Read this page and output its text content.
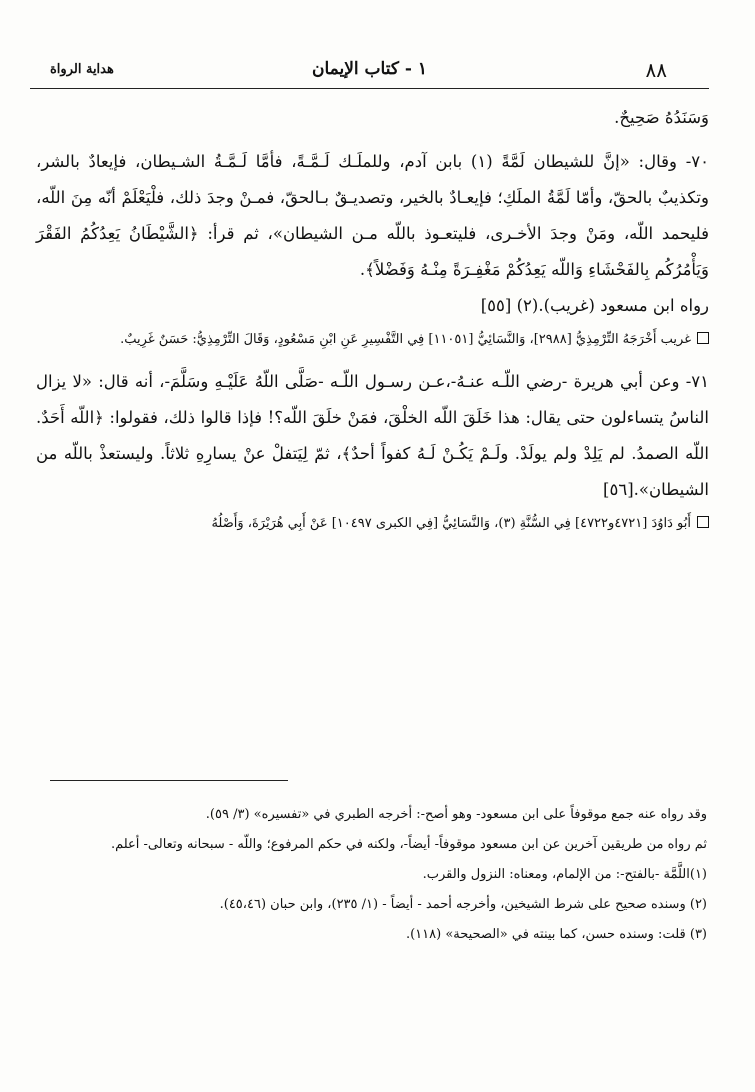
٨٨
١ - كتاب الإيمان
هداية الرواة

وَسَنَدُهُ صَحِيحٌ.

٧٠- وقال: «إنَّ للشيطان لَمَّةً (١) بابن آدم، وللملَـك لَـمَّـةً، فأمَّا لَـمَّـةُ الشـيطان، فإيعادٌ بالشر، وتكذيبٌ بالحقّ، وأمّا لَمَّةُ الملَكِ؛ فإيعـادٌ بالخير، وتصديـقٌ بـالحقّ، فمـنْ وجدَ ذلك، فلْيَعْلَمْ أنّه مِنَ اللّه، فليحمد اللّه، ومَنْ وجدَ الأخـرى، فليتعـوذ باللّه مـن الشيطان»، ثم قرأ: ﴿الشَّيْطَانُ يَعِدُكُمُ الفَقْرَ وَيَأْمُرُكُم بِالفَحْشَاءِ وَاللّه يَعِدُكُمْ مَغْفِـرَةً مِنْـهُ وَفَضْلاً﴾.

رواه ابن مسعود (غريب).(٢) [٥٥]

غريب أَخْرَجَهُ التِّرْمِذِيُّ [٢٩٨٨]، وَالنَّسَائِيُّ [١١٠٥١] فِي التَّفْسِيرِ عَنِ ابْنِ مَسْعُودٍ، وَقَالَ التِّرْمِذِيُّ: حَسَنٌ غَرِيبٌ.

٧١- وعن أبي هريرة -رضي اللّـه عنـهُ-،عـن رسـول اللّـه -صَلَّى اللّهُ عَلَيْـهِ وسَلَّمَ-، أنه قال: «لا يزال الناسُ يتساءلون حتى يقال: هذا خَلَقَ اللّه الخلْقَ، فمَنْ خلَقَ اللّه؟! فإذا قالوا ذلك، فقولوا: ﴿اللّه أَحَدٌ. اللّه الصمدُ. لم يَلِدْ ولم يولَدْ. ولَـمْ يَكُـنْ لَـهُ كفواً أحدٌ﴾، ثمّ لِيَتفلْ عنْ يسارِهِ ثلاثاً. وليستعذْ باللّه من الشيطان».[٥٦]

أَبُو دَاوُدَ [٤٧٢١و٤٧٢٢] فِي السُّنَّةِ (٣)، وَالنَّسَائِيُّ [فِي الكبرى ١٠٤٩٧] عَنْ أَبِي هُرَيْرَةَ، وَأَصْلُهُ

وقد رواه عنه جمع موقوفاً على ابن مسعود- وهو أصح-: أخرجه الطبري في «تفسيره» (٣/ ٥٩).

ثم رواه من طريقين آخرين عن ابن مسعود موقوفاً- أيضاً-، ولكنه في حكم المرفوع؛ واللّه - سبحانه وتعالى- أعلم.

(١)اللَّمَّة -بالفتح-: من الإلمام، ومعناه: النزول والقرب.

(٢) وسنده صحيح على شرط الشيخين، وأخرجه أحمد - أيضاً - (١/ ٢٣٥)، وابن حبان (٤٥،٤٦).

(٣) قلت: وسنده حسن، كما بينته في «الصحيحة» (١١٨).
